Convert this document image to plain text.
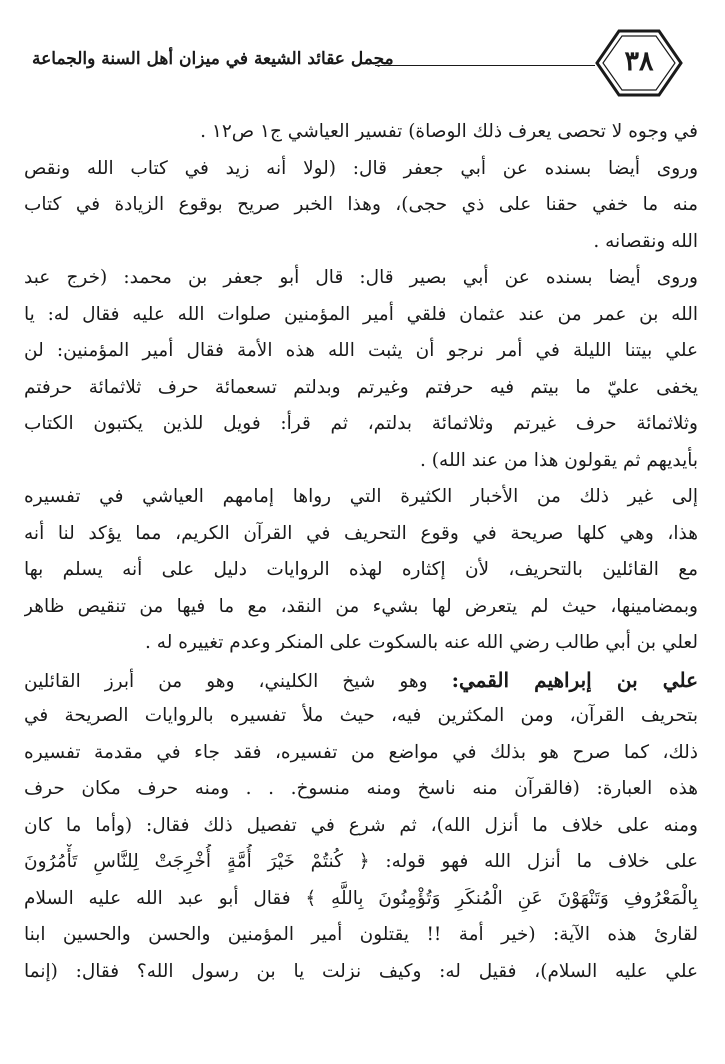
مجمل عقائد الشيعة في ميزان أهل السنة والجماعة	٣٨
في وجوه لا تحصى يعرف ذلك الوصاة) تفسير العياشي ج١ ص١٢ .
وروى أيضا بسنده عن أبي جعفر قال: (لولا أنه زيد في كتاب الله ونقص
منه ما خفي حقنا على ذي حجى)، وهذا الخبر صريح بوقوع الزيادة في كتاب
الله ونقصانه .
وروى أيضا بسنده عن أبي بصير قال: قال أبو جعفر بن محمد: (خرج عبد
الله بن عمر من عند عثمان فلقي أمير المؤمنين صلوات الله عليه فقال له: يا
علي بيتنا الليلة في أمر نرجو أن يثبت الله هذه الأمة فقال أمير المؤمنين: لن
يخفى عليّ ما بيتم فيه حرفتم وغيرتم وبدلتم تسعمائة حرف ثلاثمائة حرفتم
وثلاثمائة حرف غيرتم وثلاثمائة بدلتم، ثم قرأ: فويل للذين يكتبون الكتاب
بأيديهم ثم يقولون هذا من عند الله) .
إلى غير ذلك من الأخبار الكثيرة التي رواها إمامهم العياشي في تفسيره
هذا، وهي كلها صريحة في وقوع التحريف في القرآن الكريم، مما يؤكد لنا أنه
مع القائلين بالتحريف، لأن إكثاره لهذه الروايات دليل على أنه يسلم بها
وبمضامينها، حيث لم يتعرض لها بشيء من النقد، مع ما فيها من تنقيص ظاهر
لعلي بن أبي طالب رضي الله عنه بالسكوت على المنكر وعدم تغييره له .
علي بن إبراهيم القمي: وهو شيخ الكليني، وهو من أبرز القائلين
بتحريف القرآن، ومن المكثرين فيه، حيث ملأ تفسيره بالروايات الصريحة في
ذلك، كما صرح هو بذلك في مواضع من تفسيره، فقد جاء في مقدمة تفسيره
هذه العبارة: (فالقرآن منه ناسخ ومنه منسوخ. . . ومنه حرف مكان حرف
ومنه على خلاف ما أنزل الله)، ثم شرع في تفصيل ذلك فقال: (وأما ما كان
على خلاف ما أنزل الله فهو قوله: ﴿ كُنتُمْ خَيْرَ أُمَّةٍ أُخْرِجَتْ لِلنَّاسِ تَأْمُرُونَ
بِالْمَعْرُوفِ وَتَنْهَوْنَ عَنِ الْمُنكَرِ وَتُؤْمِنُونَ بِاللَّهِ ﴾ فقال أبو عبد الله عليه السلام
لقارئ هذه الآية: (خير أمة !! يقتلون أمير المؤمنين والحسن والحسين ابنا
علي عليه السلام)، فقيل له: وكيف نزلت يا بن رسول الله؟ فقال: (إنما
